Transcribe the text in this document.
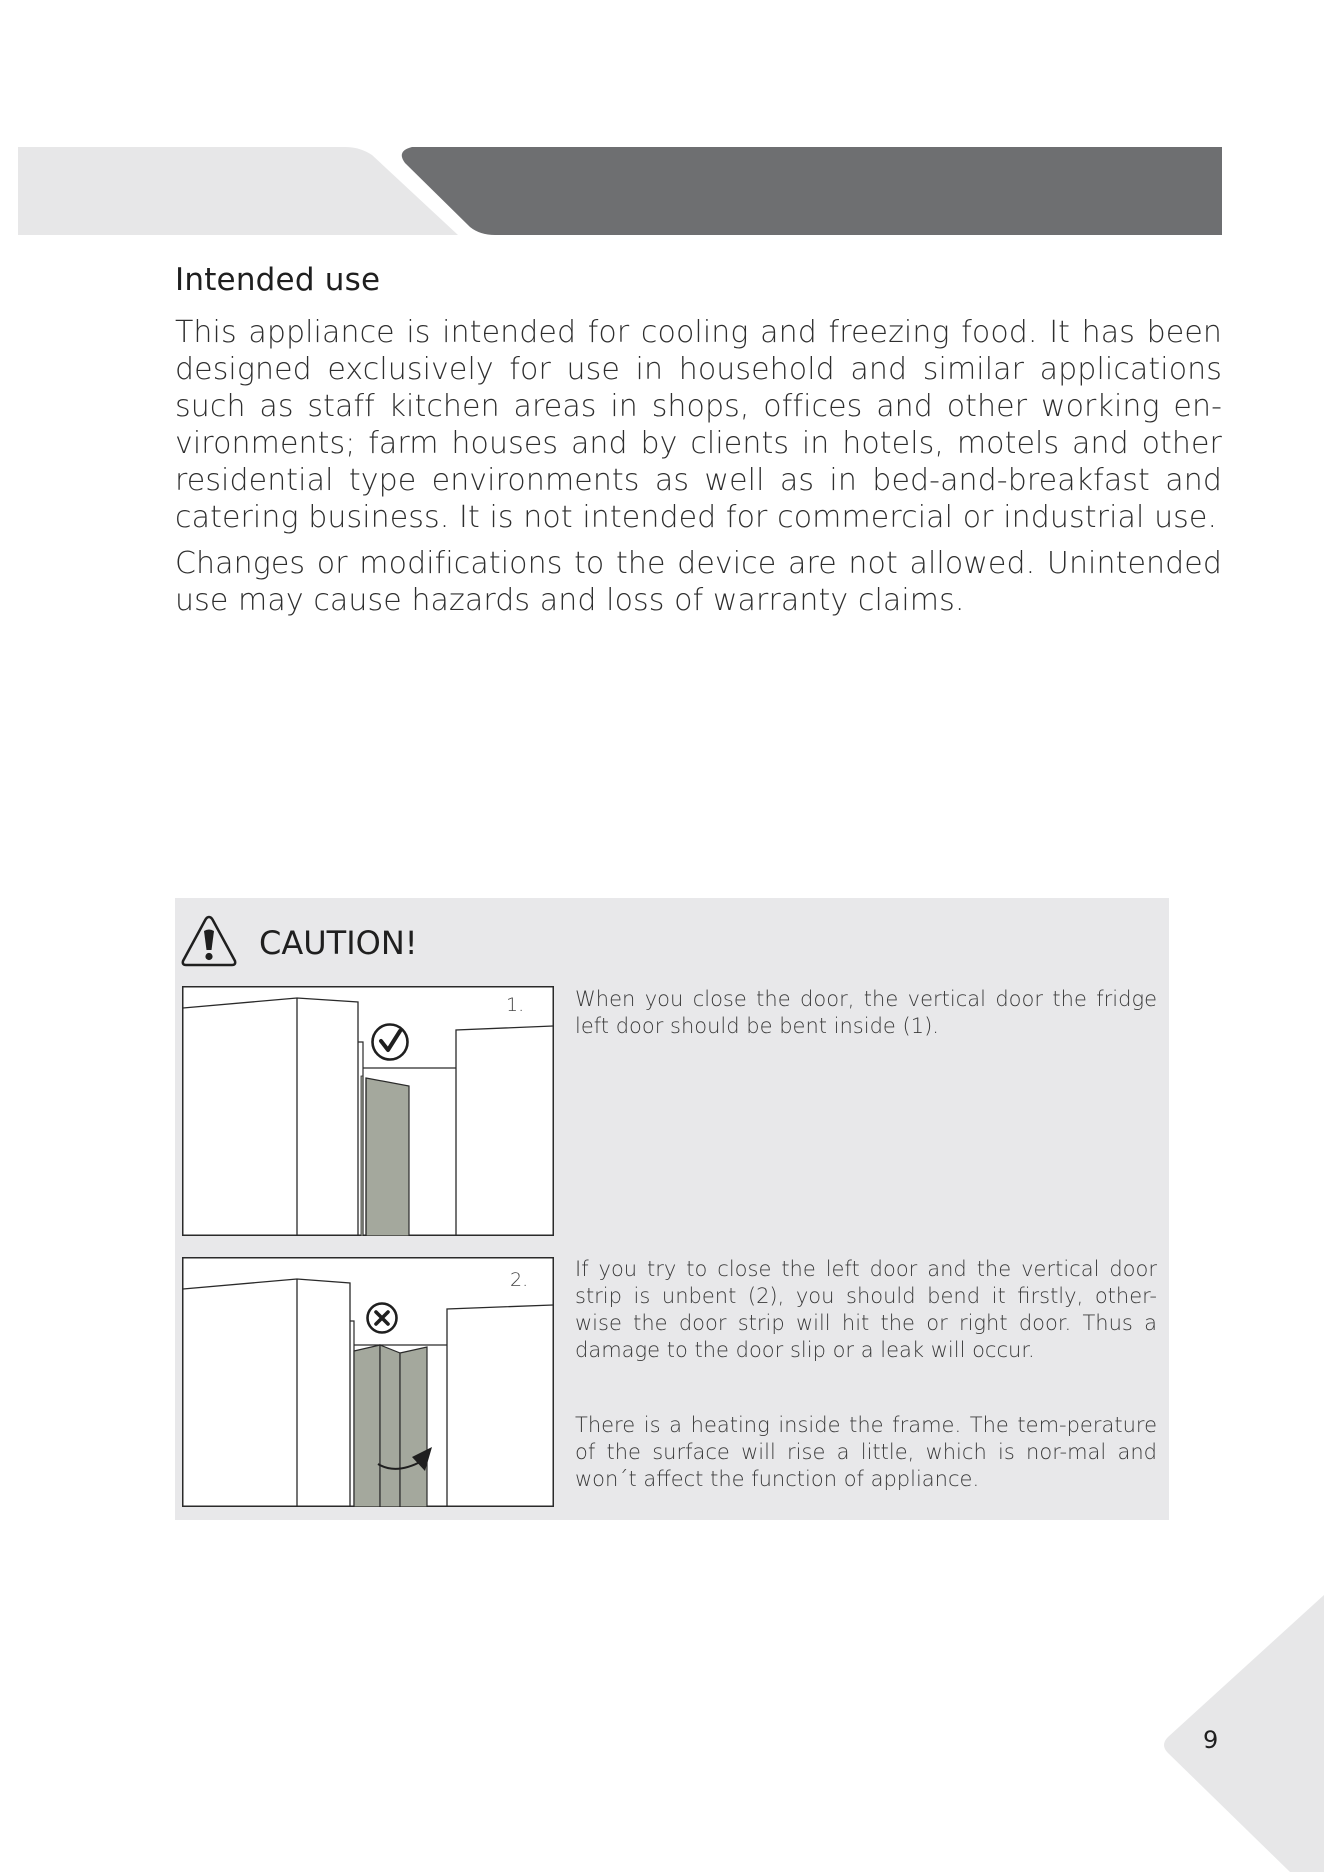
Intended use

This appliance is intended for cooling and freezing food. It has been designed exclusively for use in household and similar applications such as staff kitchen areas in shops, offices and other working en-vironments; farm houses and by clients in hotels, motels and other residential type environments as well as in bed-and-breakfast and catering business. It is not intended for commercial or industrial use.

Changes or modifications to the device are not allowed. Unintended use may cause hazards and loss of warranty claims.

CAUTION!
1.
2.

When you close the door, the vertical door the fridge left door should be bent inside (1).

If you try to close the left door and the vertical door strip is unbent (2), you should bend it firstly, other-wise the door strip will hit the or right door. Thus a damage to the door slip or a leak will occur.

There is a heating inside the frame. The tem-perature of the surface will rise a little, which is nor-mal and won´t affect the function of appliance.

9
